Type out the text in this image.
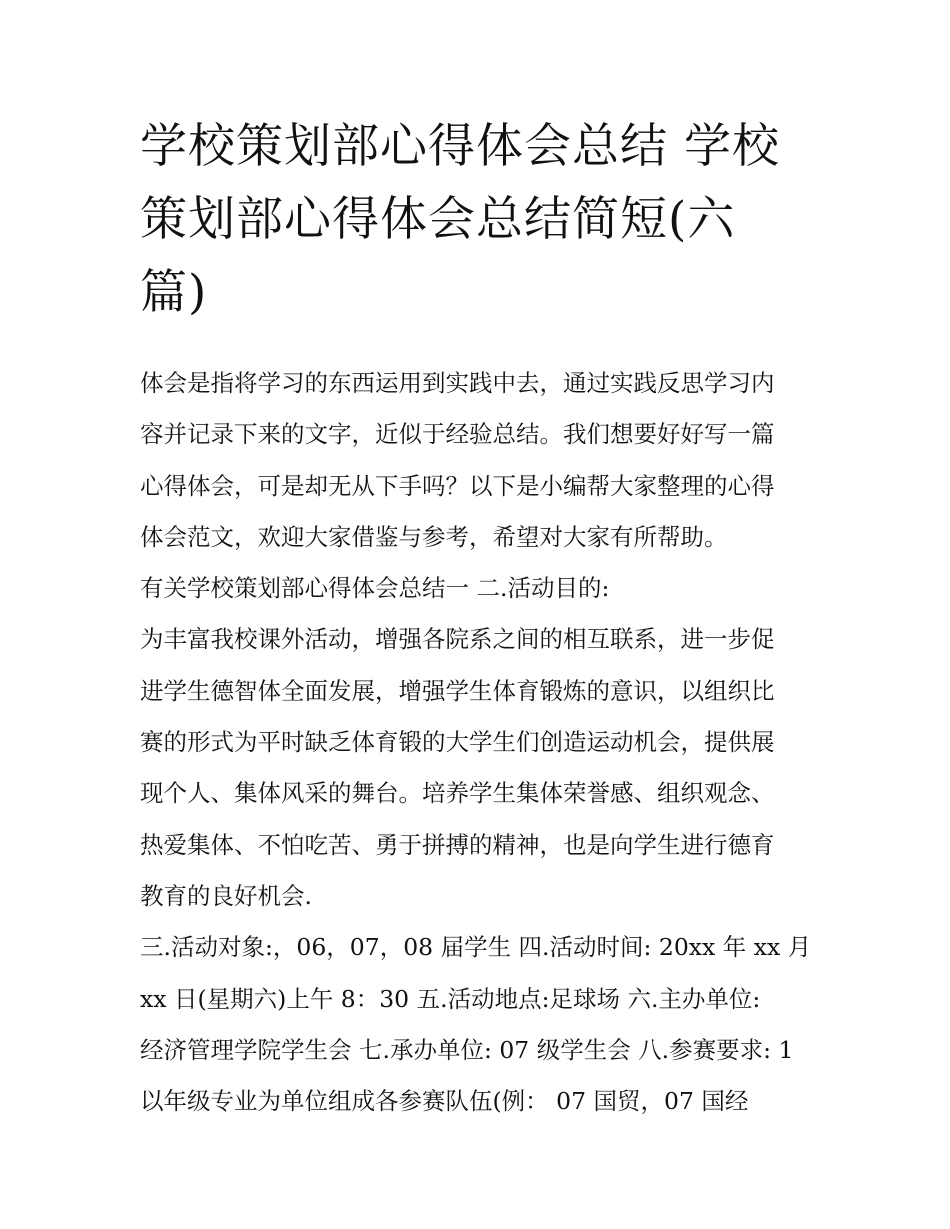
学校策划部心得体会总结 学校
策划部心得体会总结简短(六
篇)
体会是指将学习的东西运用到实践中去，通过实践反思学习内
容并记录下来的文字，近似于经验总结。我们想要好好写一篇
心得体会，可是却无从下手吗？以下是小编帮大家整理的心得
体会范文，欢迎大家借鉴与参考，希望对大家有所帮助。
有关学校策划部心得体会总结一 二.活动目的:
为丰富我校课外活动，增强各院系之间的相互联系，进一步促
进学生德智体全面发展，增强学生体育锻炼的意识，以组织比
赛的形式为平时缺乏体育锻的大学生们创造运动机会，提供展
现个人、集体风采的舞台。培养学生集体荣誉感、组织观念、
热爱集体、不怕吃苦、勇于拼搏的精神，也是向学生进行德育
教育的良好机会.
三.活动对象:，06，07，08 届学生 四.活动时间: 20xx 年 xx 月
xx 日(星期六)上午 8：30 五.活动地点:足球场 六.主办单位:
经济管理学院学生会 七.承办单位: 07 级学生会 八.参赛要求: 1
以年级专业为单位组成各参赛队伍(例： 07 国贸，07 国经
